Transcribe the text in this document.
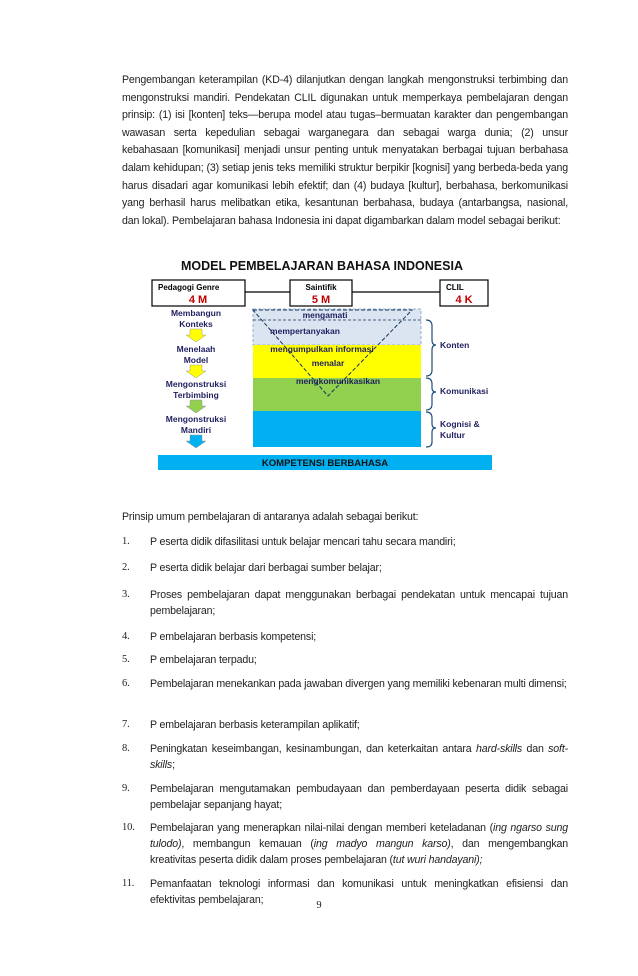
Pengembangan keterampilan (KD-4) dilanjutkan dengan langkah mengonstruksi terbimbing dan mengonstruksi mandiri. Pendekatan CLIL digunakan untuk memperkaya pembelajaran dengan prinsip: (1) isi [konten] teks—berupa model atau tugas–bermuatan karakter dan pengembangan wawasan serta kepedulian sebagai warganegara dan sebagai warga dunia; (2) unsur kebahasaan [komunikasi] menjadi unsur penting untuk menyatakan berbagai tujuan berbahasa dalam kehidupan; (3) setiap jenis teks memiliki struktur berpikir [kognisi] yang berbeda-beda yang harus disadari agar komunikasi lebih efektif; dan (4) budaya [kultur], berbahasa, berkomunikasi yang berhasil harus melibatkan etika, kesantunan berbahasa, budaya (antarbangsa, nasional, dan lokal). Pembelajaran bahasa Indonesia ini dapat digambarkan dalam model sebagai berikut:

MODEL PEMBELAJARAN BAHASA INDONESIA
Pedagogi Genre
4 M
Saintifik
5 M
CLIL
4 K
mengamati
mempertanyakan
mengumpulkan informasi
menalar
mengkomunikasikan
Membangun
Konteks
Menelaah
Model
Mengonstruksi
Terbimbing
Mengonstruksi
Mandiri
Konten
Komunikasi
Kognisi &
Kultur
KOMPETENSI BERBAHASA

Prinsip umum pembelajaran di antaranya adalah sebagai berikut:

1.	P eserta didik difasilitasi untuk belajar mencari tahu secara mandiri;
2.	P eserta didik belajar dari berbagai sumber belajar;
3.	Proses pembelajaran dapat menggunakan berbagai pendekatan untuk mencapai tujuan pembelajaran;
4.	P embelajaran berbasis kompetensi;
5.	P embelajaran terpadu;
6.	Pembelajaran menekankan pada jawaban divergen yang memiliki kebenaran multi dimensi;
7.	P embelajaran berbasis keterampilan aplikatif;
8.	Peningkatan keseimbangan, kesinambungan, dan keterkaitan antara hard-skills dan soft-skills;
9.	Pembelajaran mengutamakan pembudayaan dan pemberdayaan peserta didik sebagai pembelajar sepanjang hayat;
10.	Pembelajaran yang menerapkan nilai-nilai dengan memberi keteladanan (ing ngarso sung tulodo), membangun kemauan (ing madyo mangun karso), dan mengembangkan kreativitas peserta didik dalam proses pembelajaran (tut wuri handayani);
11.	Pemanfaatan teknologi informasi dan komunikasi untuk meningkatkan efisiensi dan efektivitas pembelajaran;	9
